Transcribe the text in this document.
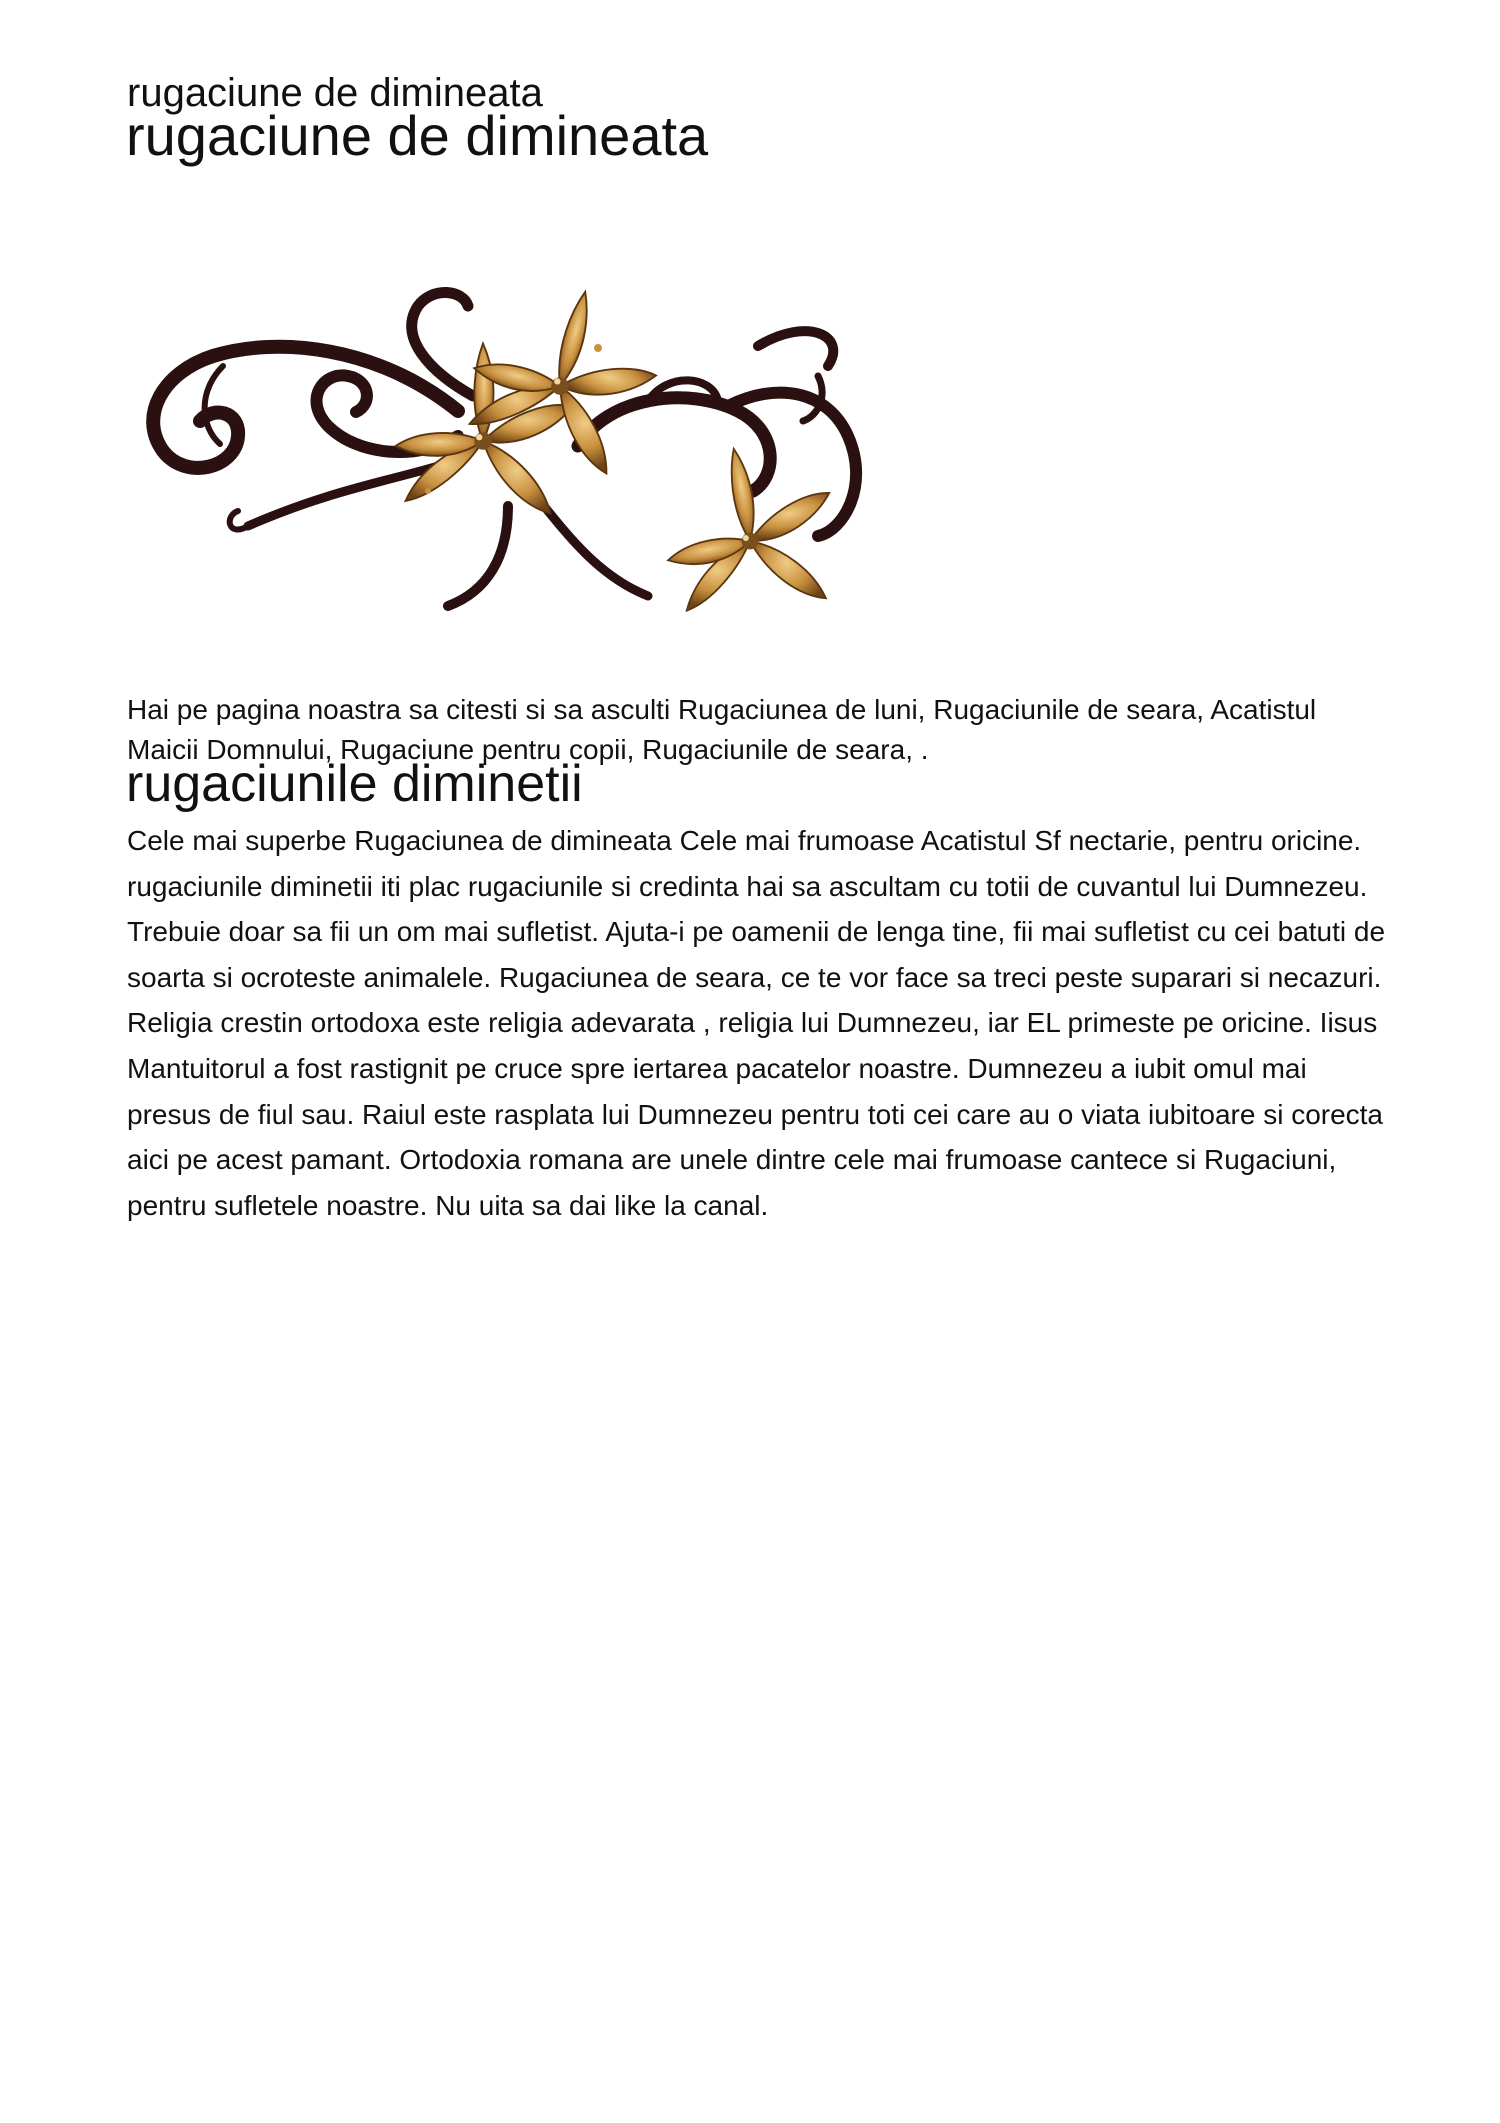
rugaciune de dimineata
rugaciune de dimineata

Hai pe pagina noastra sa citesti si sa asculti Rugaciunea de luni, Rugaciunile de seara, Acatistul Maicii Domnului, Rugaciune pentru copii, Rugaciunile de seara, .

rugaciunile diminetii

Cele mai superbe Rugaciunea de dimineata Cele mai frumoase Acatistul Sf nectarie, pentru oricine. rugaciunile diminetii iti plac rugaciunile si credinta hai sa ascultam cu totii de cuvantul lui Dumnezeu. Trebuie doar sa fii un om mai sufletist. Ajuta-i pe oamenii de lenga tine, fii mai sufletist cu cei batuti de soarta si ocroteste animalele. Rugaciunea de seara, ce te vor face sa treci peste suparari si necazuri. Religia crestin ortodoxa este religia adevarata , religia lui Dumnezeu, iar EL primeste pe oricine. Iisus Mantuitorul a fost rastignit pe cruce spre iertarea pacatelor noastre. Dumnezeu a iubit omul mai presus de fiul sau. Raiul este rasplata lui Dumnezeu pentru toti cei care au o viata iubitoare si corecta aici pe acest pamant. Ortodoxia romana are unele dintre cele mai frumoase cantece si Rugaciuni, pentru sufletele noastre. Nu uita sa dai like la canal.
